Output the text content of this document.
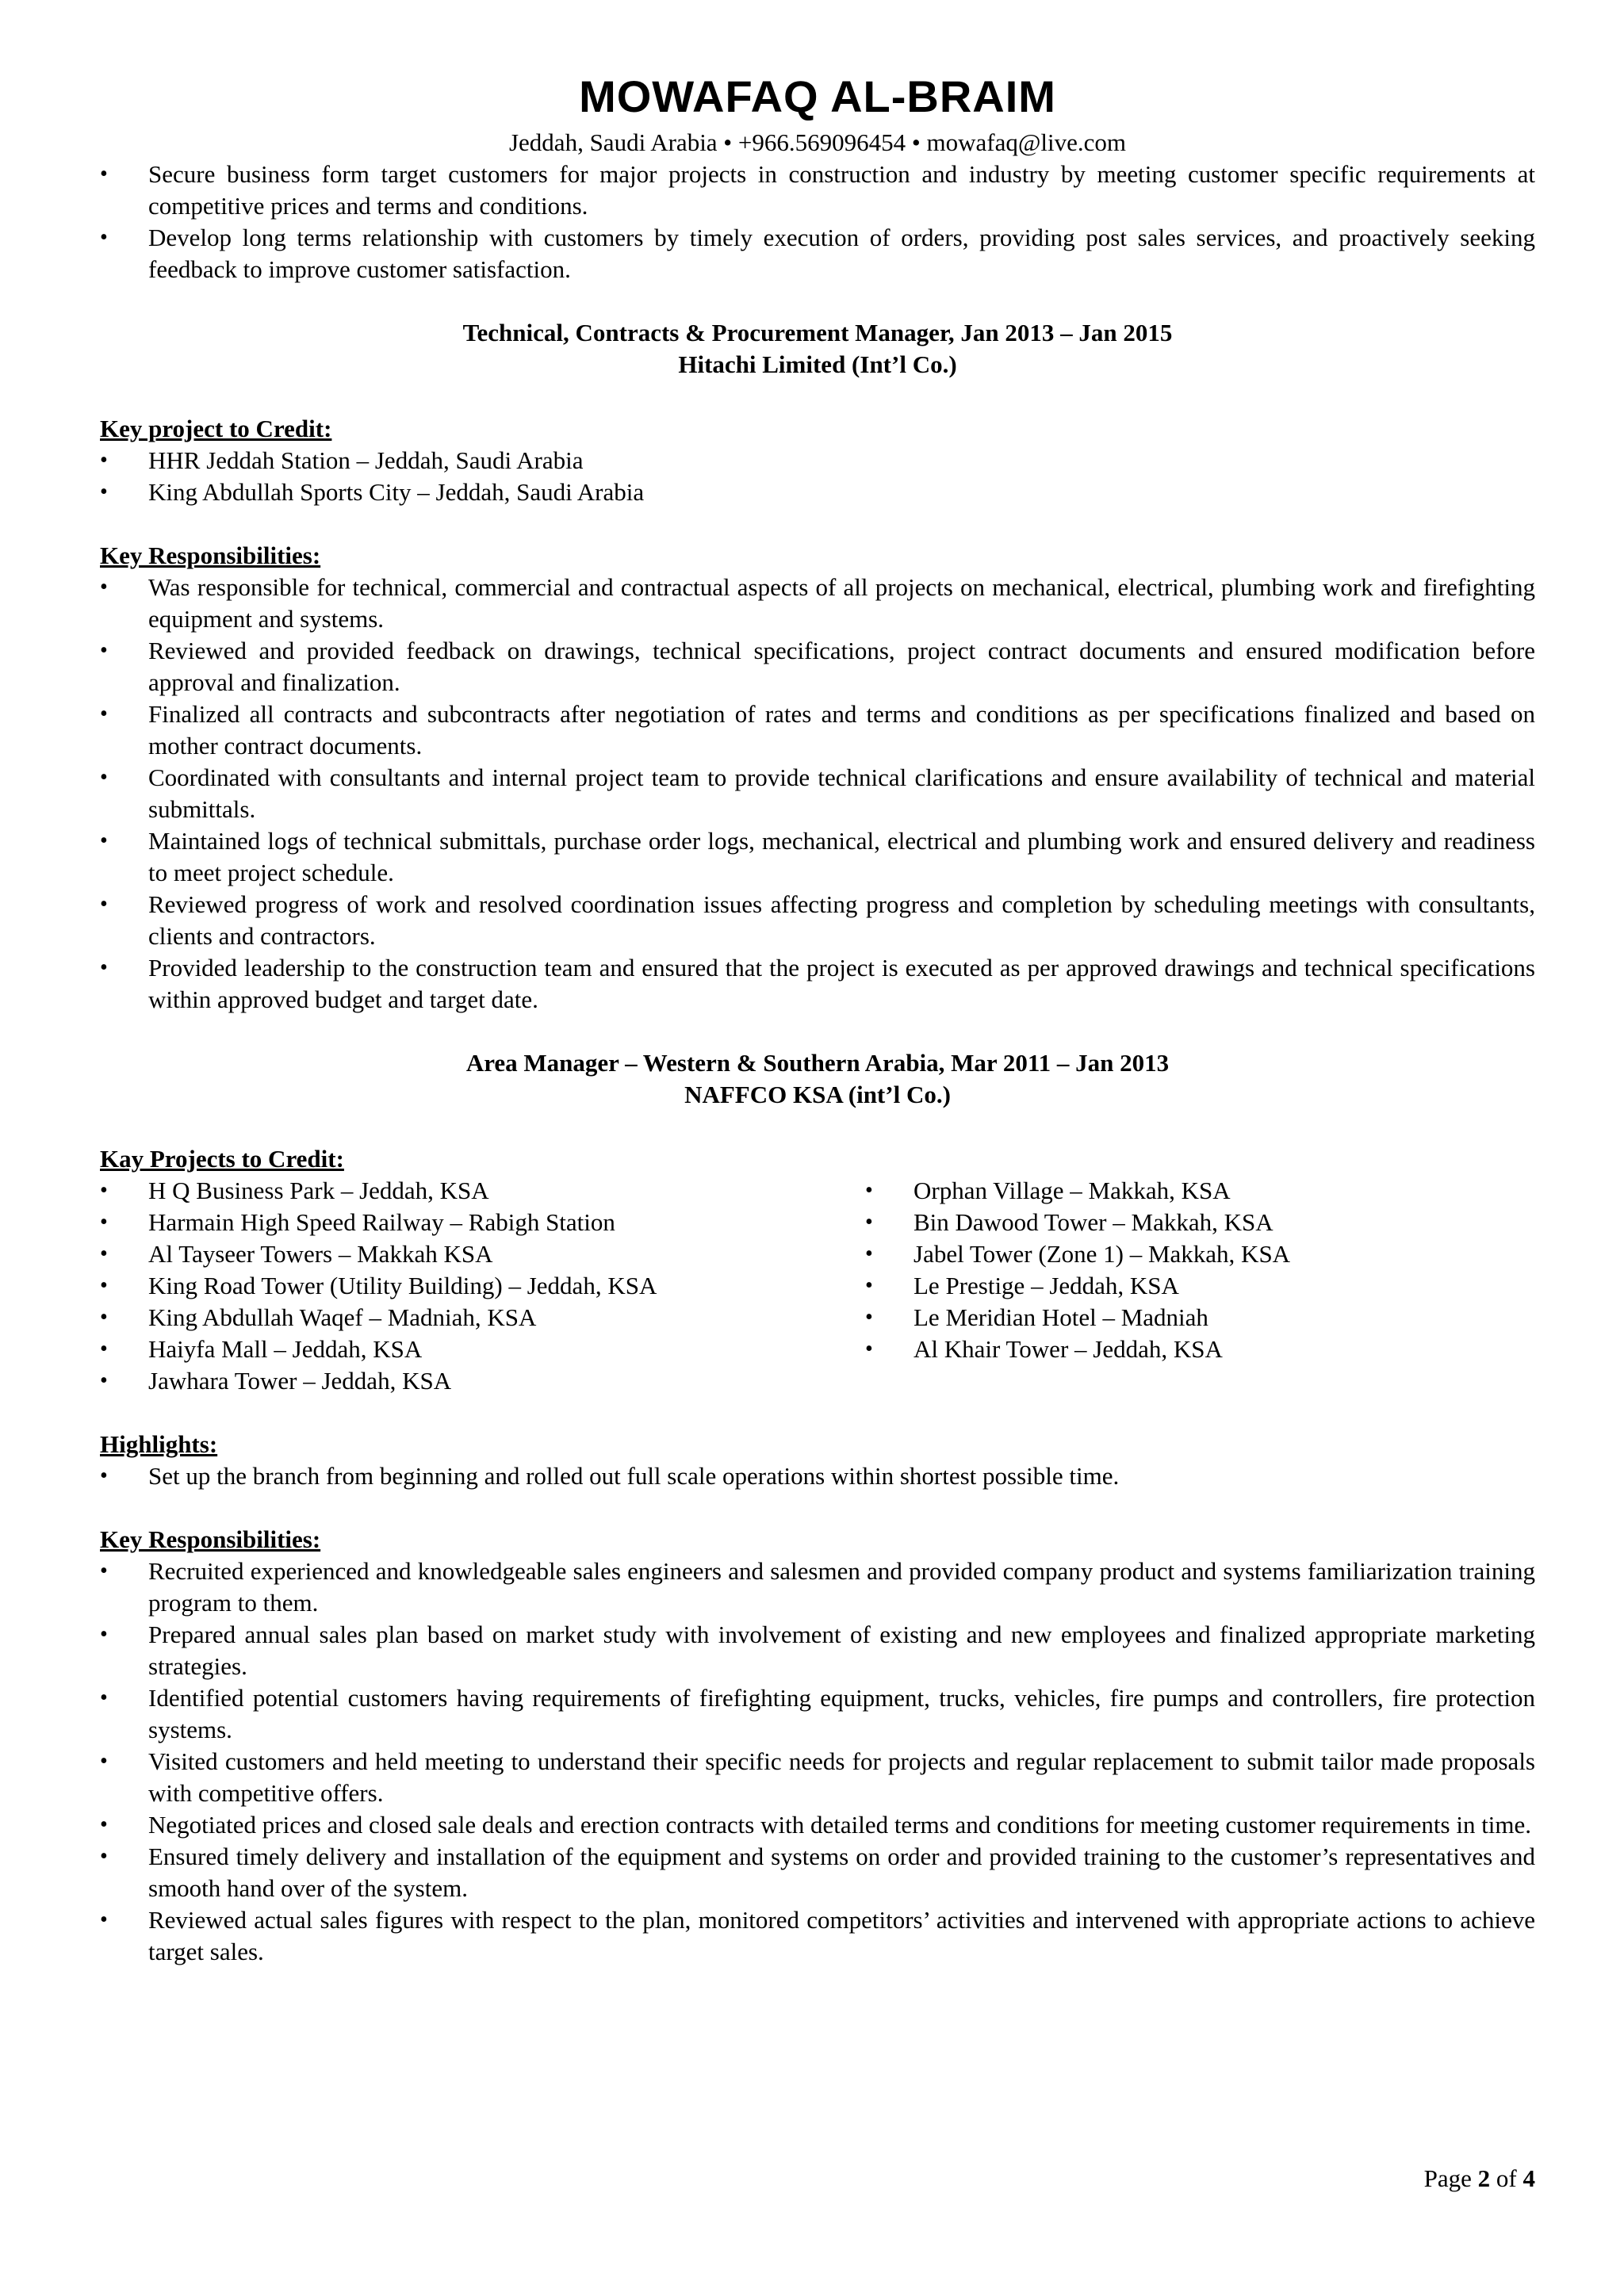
MOWAFAQ AL-BRAIM
Jeddah, Saudi Arabia • +966.569096454 • mowafaq@live.com
• Secure business form target customers for major projects in construction and industry by meeting customer specific requirements at competitive prices and terms and conditions.
• Develop long terms relationship with customers by timely execution of orders, providing post sales services, and proactively seeking feedback to improve customer satisfaction.
Technical, Contracts & Procurement Manager, Jan 2013 – Jan 2015
Hitachi Limited (Int’l Co.)
Key project to Credit:
• HHR Jeddah Station – Jeddah, Saudi Arabia
• King Abdullah Sports City – Jeddah, Saudi Arabia
Key Responsibilities:
• Was responsible for technical, commercial and contractual aspects of all projects on mechanical, electrical, plumbing work and firefighting equipment and systems.
• Reviewed and provided feedback on drawings, technical specifications, project contract documents and ensured modification before approval and finalization.
• Finalized all contracts and subcontracts after negotiation of rates and terms and conditions as per specifications finalized and based on mother contract documents.
• Coordinated with consultants and internal project team to provide technical clarifications and ensure availability of technical and material submittals.
• Maintained logs of technical submittals, purchase order logs, mechanical, electrical and plumbing work and ensured delivery and readiness to meet project schedule.
• Reviewed progress of work and resolved coordination issues affecting progress and completion by scheduling meetings with consultants, clients and contractors.
• Provided leadership to the construction team and ensured that the project is executed as per approved drawings and technical specifications within approved budget and target date.
Area Manager – Western & Southern Arabia, Mar 2011 – Jan 2013
NAFFCO KSA (int’l Co.)
Kay Projects to Credit:
• H Q Business Park – Jeddah, KSA
• Harmain High Speed Railway – Rabigh Station
• Al Tayseer Towers – Makkah KSA
• King Road Tower (Utility Building) – Jeddah, KSA
• King Abdullah Waqef – Madniah, KSA
• Haiyfa Mall – Jeddah, KSA
• Jawhara Tower – Jeddah, KSA
• Orphan Village – Makkah, KSA
• Bin Dawood Tower – Makkah, KSA
• Jabel Tower (Zone 1) – Makkah, KSA
• Le Prestige – Jeddah, KSA
• Le Meridian Hotel – Madniah
• Al Khair Tower – Jeddah, KSA
Highlights:
• Set up the branch from beginning and rolled out full scale operations within shortest possible time.
Key Responsibilities:
• Recruited experienced and knowledgeable sales engineers and salesmen and provided company product and systems familiarization training program to them.
• Prepared annual sales plan based on market study with involvement of existing and new employees and finalized appropriate marketing strategies.
• Identified potential customers having requirements of firefighting equipment, trucks, vehicles, fire pumps and controllers, fire protection systems.
• Visited customers and held meeting to understand their specific needs for projects and regular replacement to submit tailor made proposals with competitive offers.
• Negotiated prices and closed sale deals and erection contracts with detailed terms and conditions for meeting customer requirements in time.
• Ensured timely delivery and installation of the equipment and systems on order and provided training to the customer’s representatives and smooth hand over of the system.
• Reviewed actual sales figures with respect to the plan, monitored competitors’ activities and intervened with appropriate actions to achieve target sales.
Page 2 of 4
